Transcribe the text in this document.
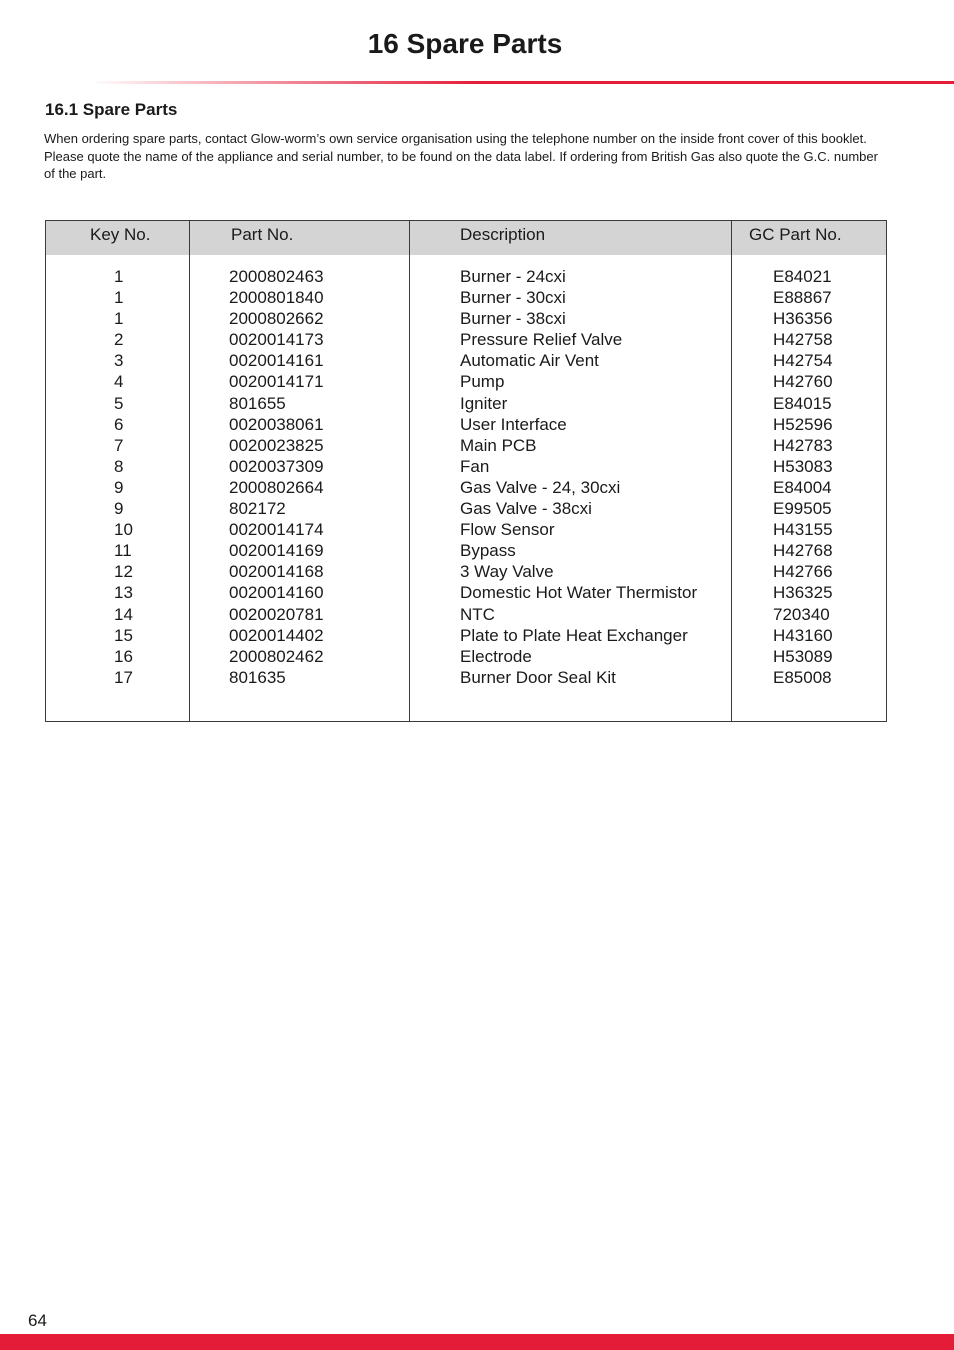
16 Spare Parts
16.1 Spare Parts

When ordering spare parts, contact Glow-worm’s own service organisation using the telephone number on the inside front cover of this booklet. Please quote the name of the appliance and serial number, to be found on the data label. If ordering from British Gas also quote the G.C. number of the part.

Key No.
1
1
1
2
3
4
5
6
7
8
9
9
10
11
12
13
14
15
16
17
Part No.
2000802463
2000801840
2000802662
0020014173
0020014161
0020014171
801655
0020038061
0020023825
0020037309
2000802664
802172
0020014174
0020014169
0020014168
0020014160
0020020781
0020014402
2000802462
801635
Description
Burner - 24cxi
Burner - 30cxi
Burner - 38cxi
Pressure Relief Valve
Automatic Air Vent
Pump
Igniter
User Interface
Main PCB
Fan
Gas Valve - 24, 30cxi
Gas Valve - 38cxi
Flow Sensor
Bypass
3 Way Valve
Domestic Hot Water Thermistor
NTC
Plate to Plate Heat Exchanger
Electrode
Burner Door Seal Kit
GC Part No.
E84021
E88867
H36356
H42758
H42754
H42760
E84015
H52596
H42783
H53083
E84004
E99505
H43155
H42768
H42766
H36325
720340
H43160
H53089
E85008

64
